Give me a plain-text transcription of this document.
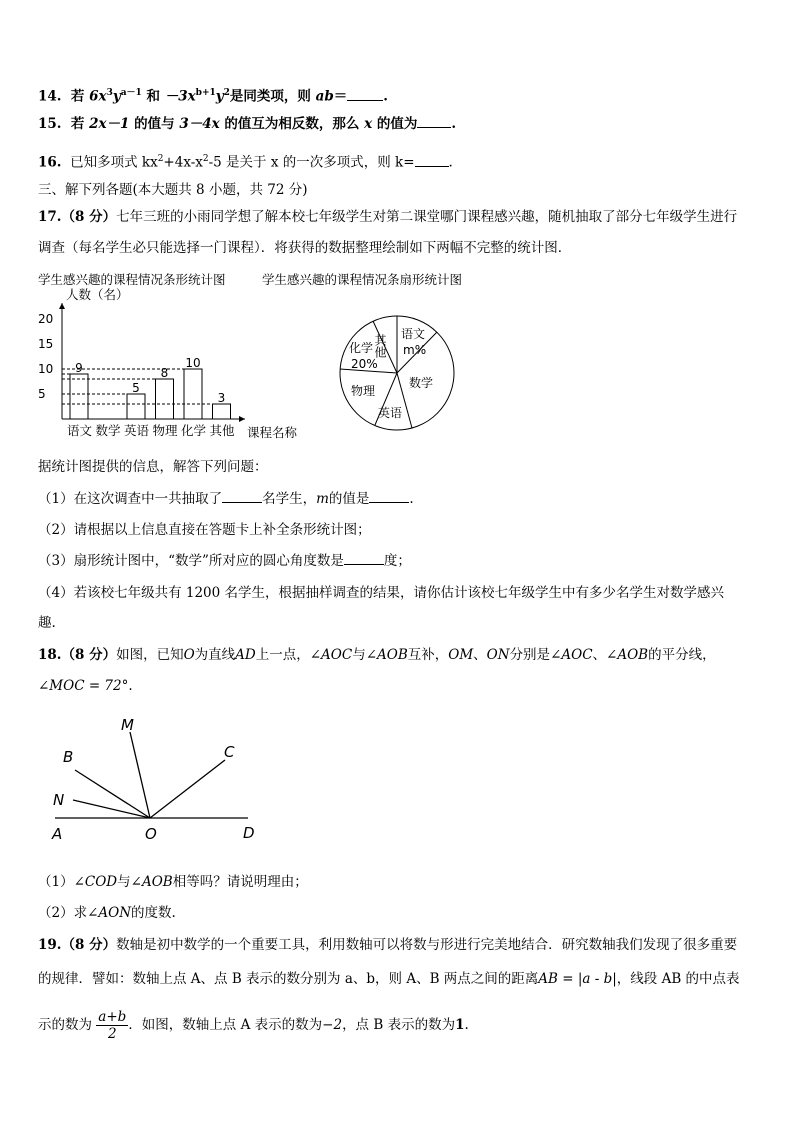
14. 若 $6x^3y^{a-1}$ 和 $-3x^{b+1}y^2$是同类项，则 ab＝	.
15. 若 2x－1 的值与 3－4x 的值互为相反数，那么 x 的值为	.
16. 已知多项式 $kx^2+4x-x^2-5$ 是关于 x 的一次多项式，则 k=	.
三、解下列各题(本大题共 8 小题，共 72 分)
17.（8 分）七年三班的小雨同学想了解本校七年级学生对第二课堂哪门课程感兴趣，随机抽取了部分七年级学生进行
调查（每名学生必只能选择一门课程）．将获得的数据整理绘制如下两幅不完整的统计图．
学生感兴趣的课程情况条形统计图	学生感兴趣的课程情况条扇形统计图
人数（名）
课程名称
5
10
15
20
语文
9
数学 英语
5
物理
8
化学
10
其他
3
其他 语文
m%
化学
20%
数学
物理
英语
据统计图提供的信息，解答下列问题：
（1）在这次调查中一共抽取了	名学生，m的值是	.
（2）请根据以上信息直接在答题卡上补全条形统计图；
（3）扇形统计图中，“数学”所对应的圆心角度数是	度；
（4）若该校七年级共有 1200 名学生，根据抽样调查的结果，请你估计该校七年级学生中有多少名学生对数学感兴
趣.
18.（8 分）如图，已知O为直线AD上一点，∠AOC与∠AOB互补，OM、ON分别是∠AOC、∠AOB的平分线，
∠MOC = 72°.
M
B	C
N
A	O	D
（1）∠COD与∠AOB相等吗？请说明理由；
（2）求∠AON的度数.
19.（8 分）数轴是初中数学的一个重要工具，利用数轴可以将数与形进行完美地结合．研究数轴我们发现了很多重要
的规律．譬如：数轴上点 A、点 B 表示的数分别为 a、b，则 A、B 两点之间的距离AB = |a - b|，线段 AB 的中点表
示的数为 $\frac{a+b}{2}$ ．如图，数轴上点 A 表示的数为−2，点 B 表示的数为1.
